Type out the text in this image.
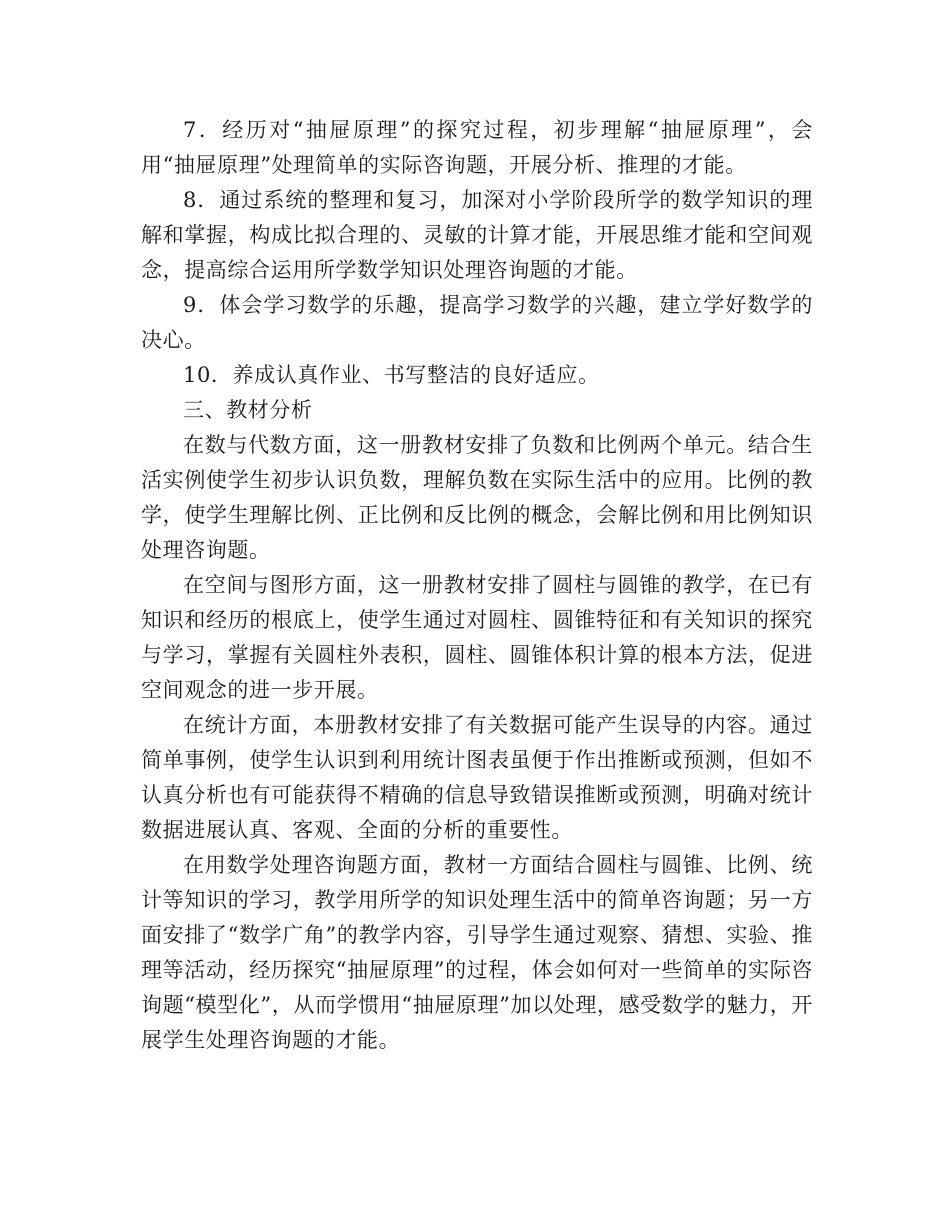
7．经历对“抽屉原理”的探究过程，初步理解“抽屉原理”，会用“抽屉原理”处理简单的实际咨询题，开展分析、推理的才能。

8．通过系统的整理和复习，加深对小学阶段所学的数学知识的理解和掌握，构成比拟合理的、灵敏的计算才能，开展思维才能和空间观念，提高综合运用所学数学知识处理咨询题的才能。

9．体会学习数学的乐趣，提高学习数学的兴趣，建立学好数学的决心。

10．养成认真作业、书写整洁的良好适应。

三、教材分析

在数与代数方面，这一册教材安排了负数和比例两个单元。结合生活实例使学生初步认识负数，理解负数在实际生活中的应用。比例的教学，使学生理解比例、正比例和反比例的概念，会解比例和用比例知识处理咨询题。

在空间与图形方面，这一册教材安排了圆柱与圆锥的教学，在已有知识和经历的根底上，使学生通过对圆柱、圆锥特征和有关知识的探究与学习，掌握有关圆柱外表积，圆柱、圆锥体积计算的根本方法，促进空间观念的进一步开展。

在统计方面，本册教材安排了有关数据可能产生误导的内容。通过简单事例，使学生认识到利用统计图表虽便于作出推断或预测，但如不认真分析也有可能获得不精确的信息导致错误推断或预测，明确对统计数据进展认真、客观、全面的分析的重要性。

在用数学处理咨询题方面，教材一方面结合圆柱与圆锥、比例、统计等知识的学习，教学用所学的知识处理生活中的简单咨询题；另一方面安排了“数学广角”的教学内容，引导学生通过观察、猜想、实验、推理等活动，经历探究“抽屉原理”的过程，体会如何对一些简单的实际咨询题“模型化”，从而学惯用“抽屉原理”加以处理，感受数学的魅力，开展学生处理咨询题的才能。
